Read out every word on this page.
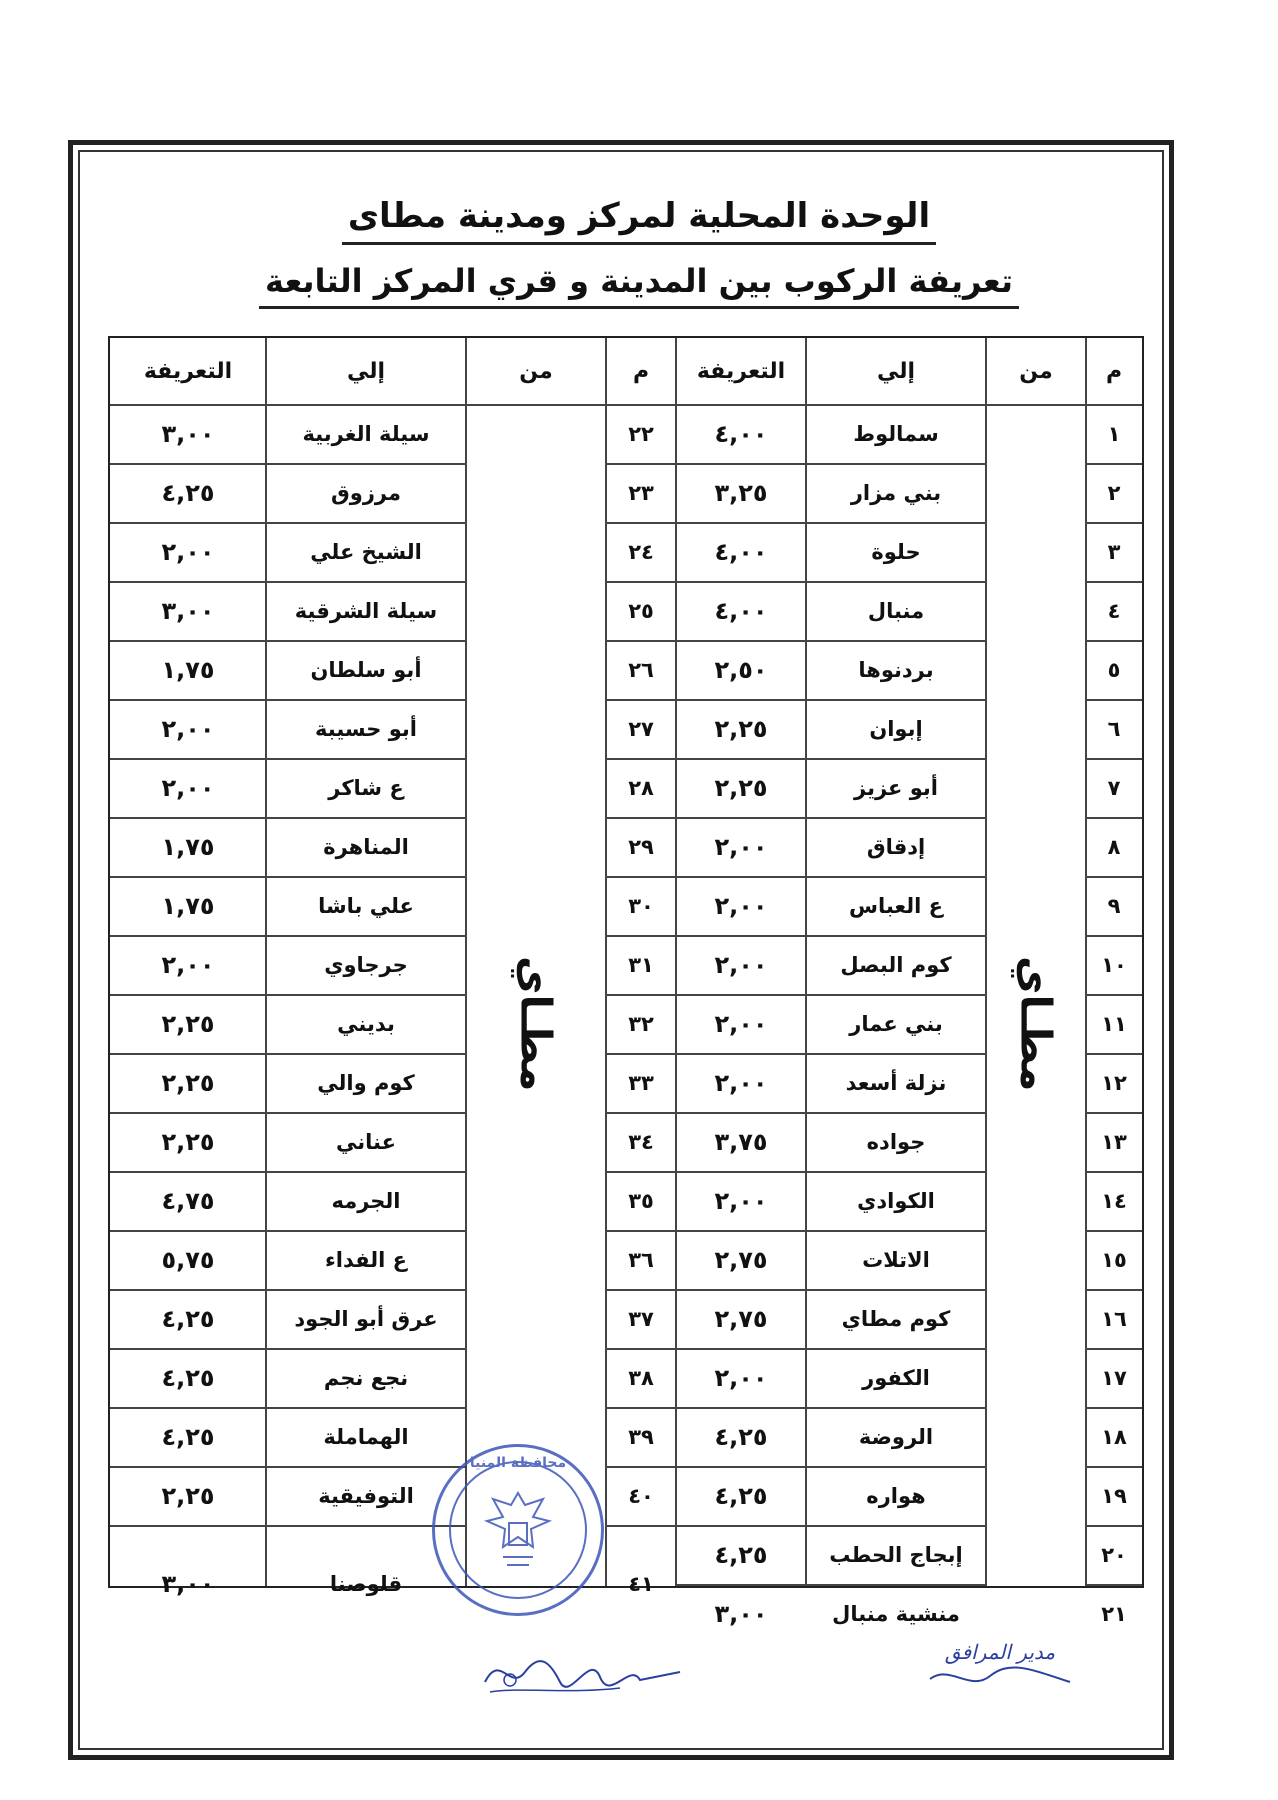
الوحدة المحلية لمركز ومدينة مطاى
تعريفة الركوب بين المدينة و قري المركز التابعة
م
من
إلي
التعريفة
م
من
إلي
التعريفة
١
سمالوط
٤,٠٠
٢
بني مزار
٣,٢٥
٣
حلوة
٤,٠٠
٤
منبال
٤,٠٠
٥
بردنوها
٢,٥٠
٦
إبوان
٢,٢٥
٧
أبو عزيز
٢,٢٥
٨
إدقاق
٢,٠٠
٩
ع العباس
٢,٠٠
١٠
كوم البصل
٢,٠٠
١١
بني عمار
٢,٠٠
١٢
نزلة أسعد
٢,٠٠
١٣
جواده
٣,٧٥
١٤
الكوادي
٢,٠٠
١٥
الاتلات
٢,٧٥
١٦
كوم مطاي
٢,٧٥
١٧
الكفور
٢,٠٠
١٨
الروضة
٤,٢٥
١٩
هواره
٤,٢٥
٢٠
إبجاج الحطب
٤,٢٥
٢١
منشية منبال
٣,٠٠
٢٢
سيلة الغربية
٣,٠٠
٢٣
مرزوق
٤,٢٥
٢٤
الشيخ علي
٢,٠٠
٢٥
سيلة الشرقية
٣,٠٠
٢٦
أبو سلطان
١,٧٥
٢٧
أبو حسيبة
٢,٠٠
٢٨
ع شاكر
٢,٠٠
٢٩
المناهرة
١,٧٥
٣٠
علي باشا
١,٧٥
٣١
جرجاوي
٢,٠٠
٣٢
بديني
٢,٢٥
٣٣
كوم والي
٢,٢٥
٣٤
عناني
٢,٢٥
٣٥
الجرمه
٤,٧٥
٣٦
ع الفداء
٥,٧٥
٣٧
عرق أبو الجود
٤,٢٥
٣٨
نجع نجم
٤,٢٥
٣٩
الهماملة
٤,٢٥
٤٠
التوفيقية
٢,٢٥
٤١
قلوصنا
٣,٠٠
مطـاي
مطـاي
محافظة المنيا
مدير المرافق
